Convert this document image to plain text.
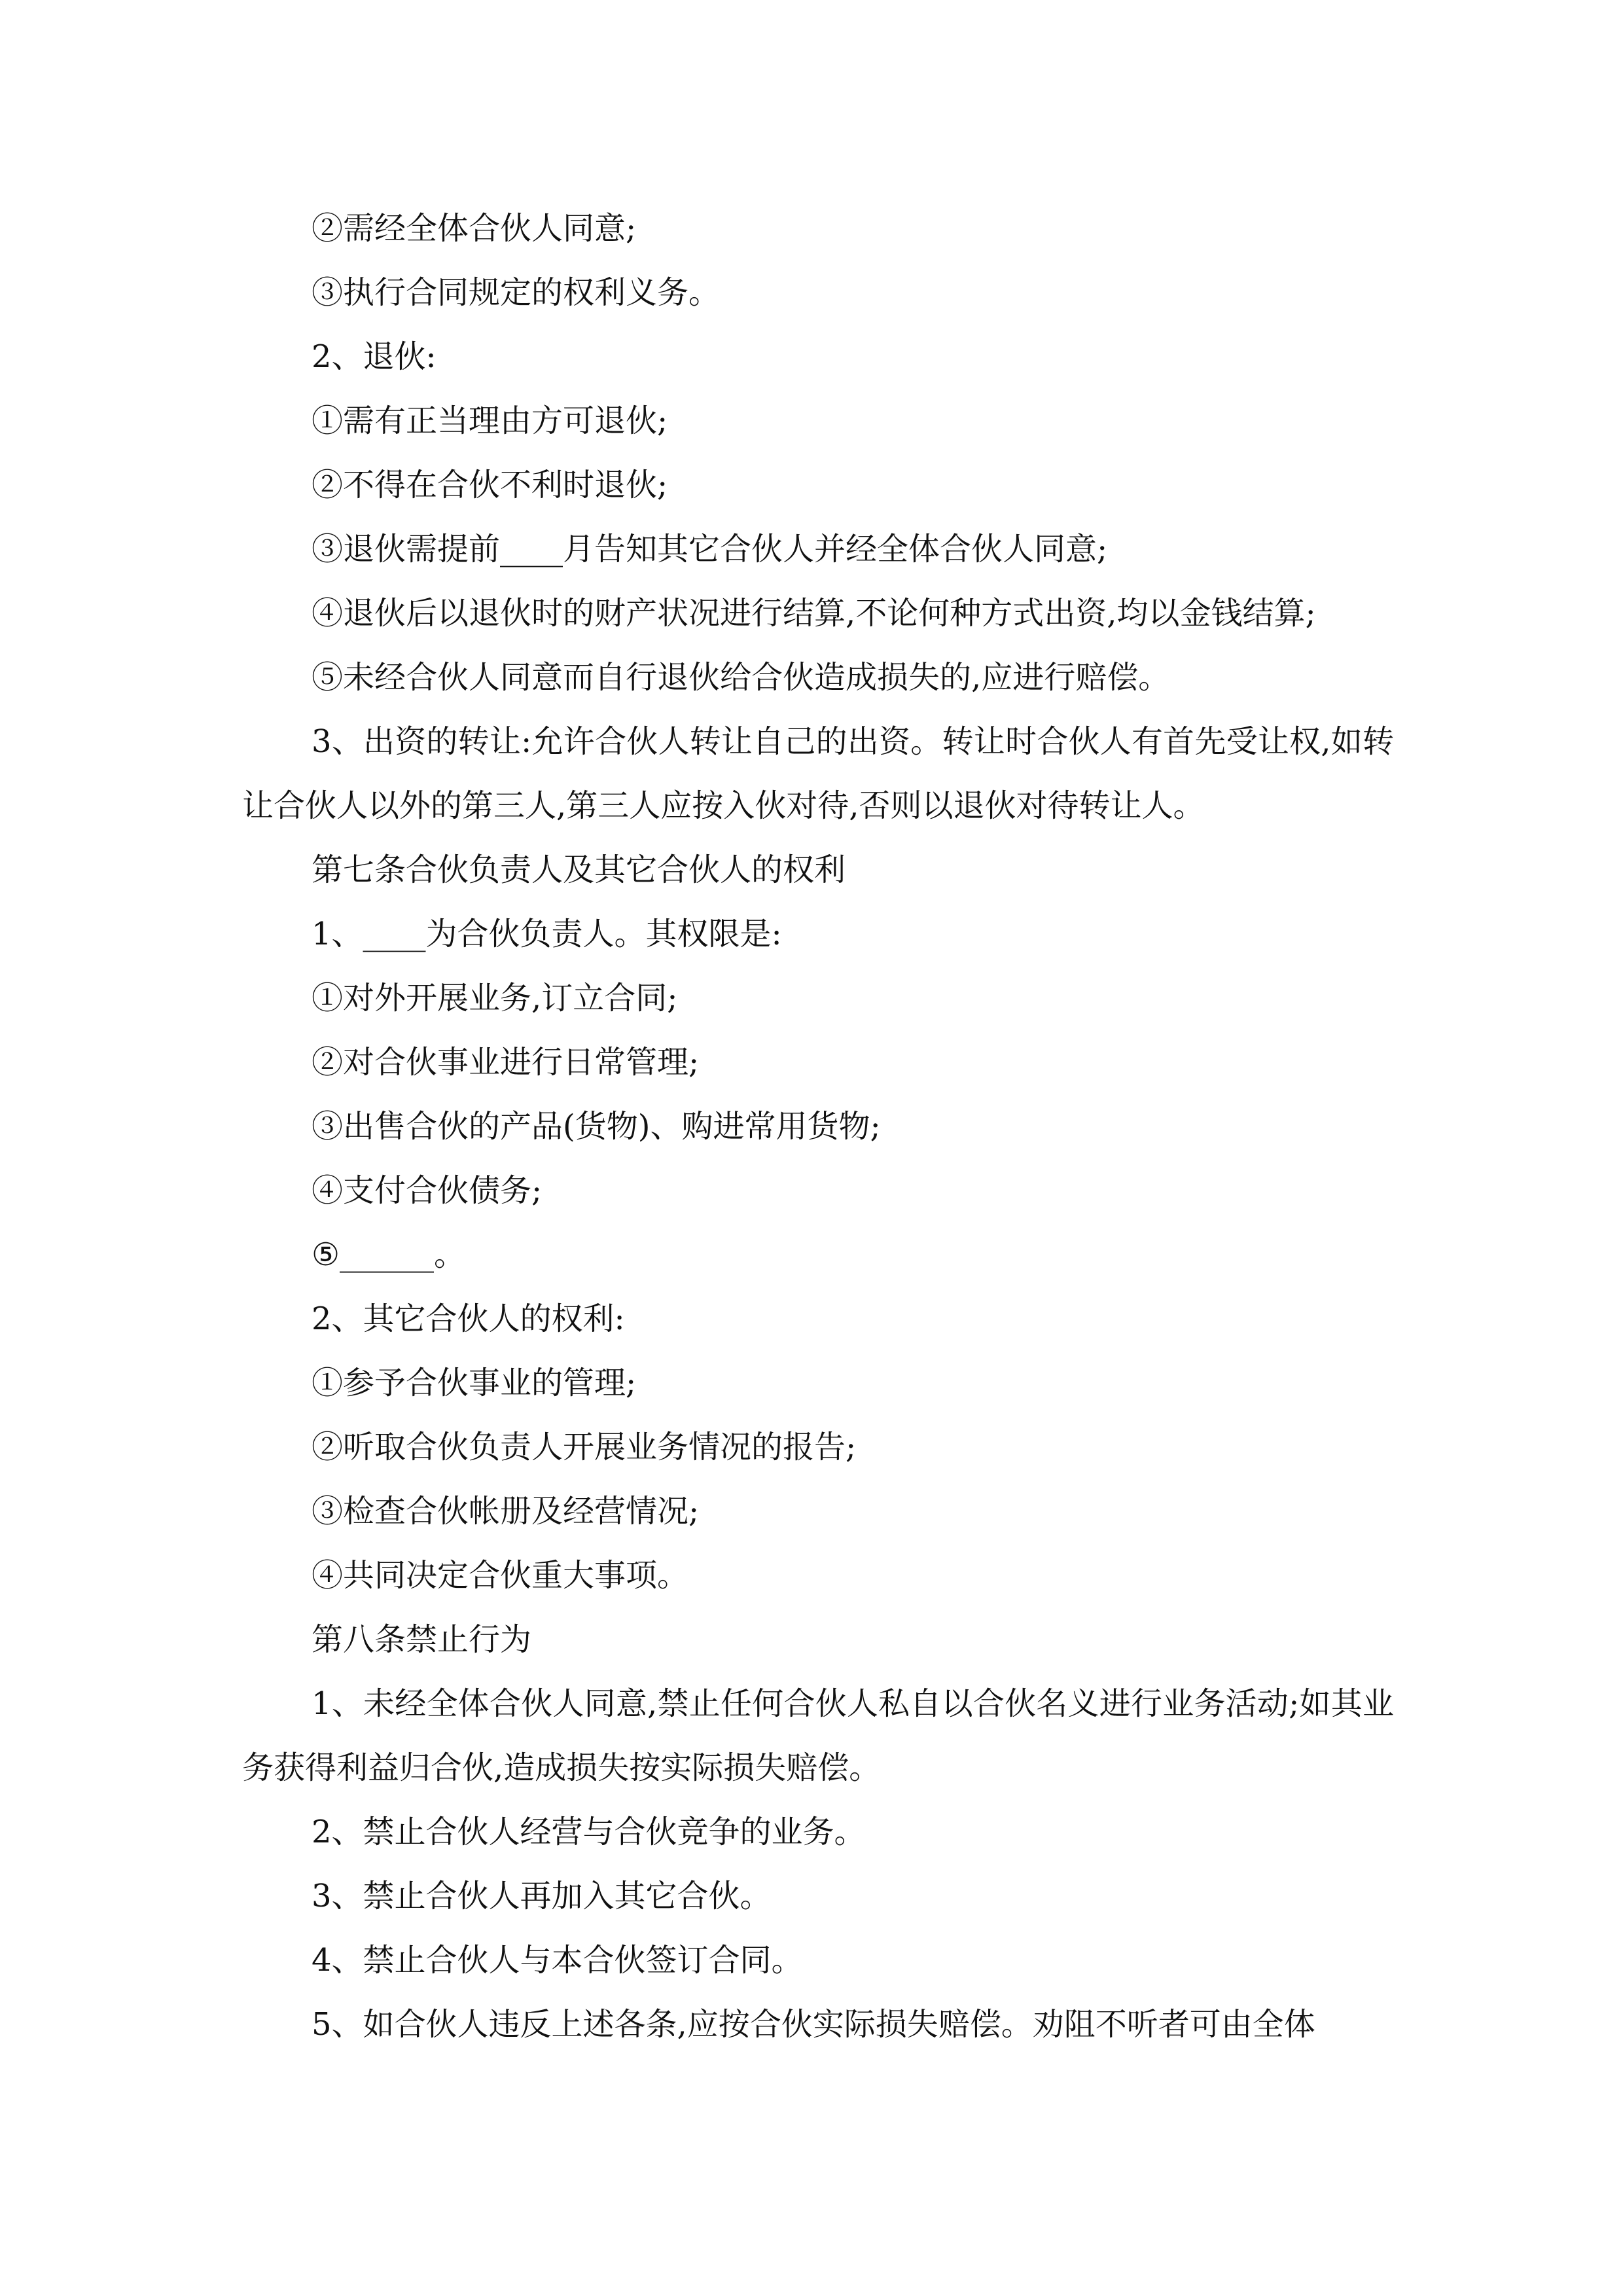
②需经全体合伙人同意;

③执行合同规定的权利义务。

2、退伙:

①需有正当理由方可退伙;

②不得在合伙不利时退伙;

③退伙需提前____月告知其它合伙人并经全体合伙人同意;

④退伙后以退伙时的财产状况进行结算,不论何种方式出资,均以金钱结算;

⑤未经合伙人同意而自行退伙给合伙造成损失的,应进行赔偿。

3、出资的转让:允许合伙人转让自己的出资。转让时合伙人有首先受让权,如转让合伙人以外的第三人,第三人应按入伙对待,否则以退伙对待转让人。

第七条合伙负责人及其它合伙人的权利

1、____为合伙负责人。其权限是:

①对外开展业务,订立合同;

②对合伙事业进行日常管理;

③出售合伙的产品(货物)、购进常用货物;

④支付合伙债务;

⑤______。

2、其它合伙人的权利:

①参予合伙事业的管理;

②听取合伙负责人开展业务情况的报告;

③检查合伙帐册及经营情况;

④共同决定合伙重大事项。

第八条禁止行为

1、未经全体合伙人同意,禁止任何合伙人私自以合伙名义进行业务活动;如其业务获得利益归合伙,造成损失按实际损失赔偿。

2、禁止合伙人经营与合伙竞争的业务。

3、禁止合伙人再加入其它合伙。

4、禁止合伙人与本合伙签订合同。

5、如合伙人违反上述各条,应按合伙实际损失赔偿。劝阻不听者可由全体
